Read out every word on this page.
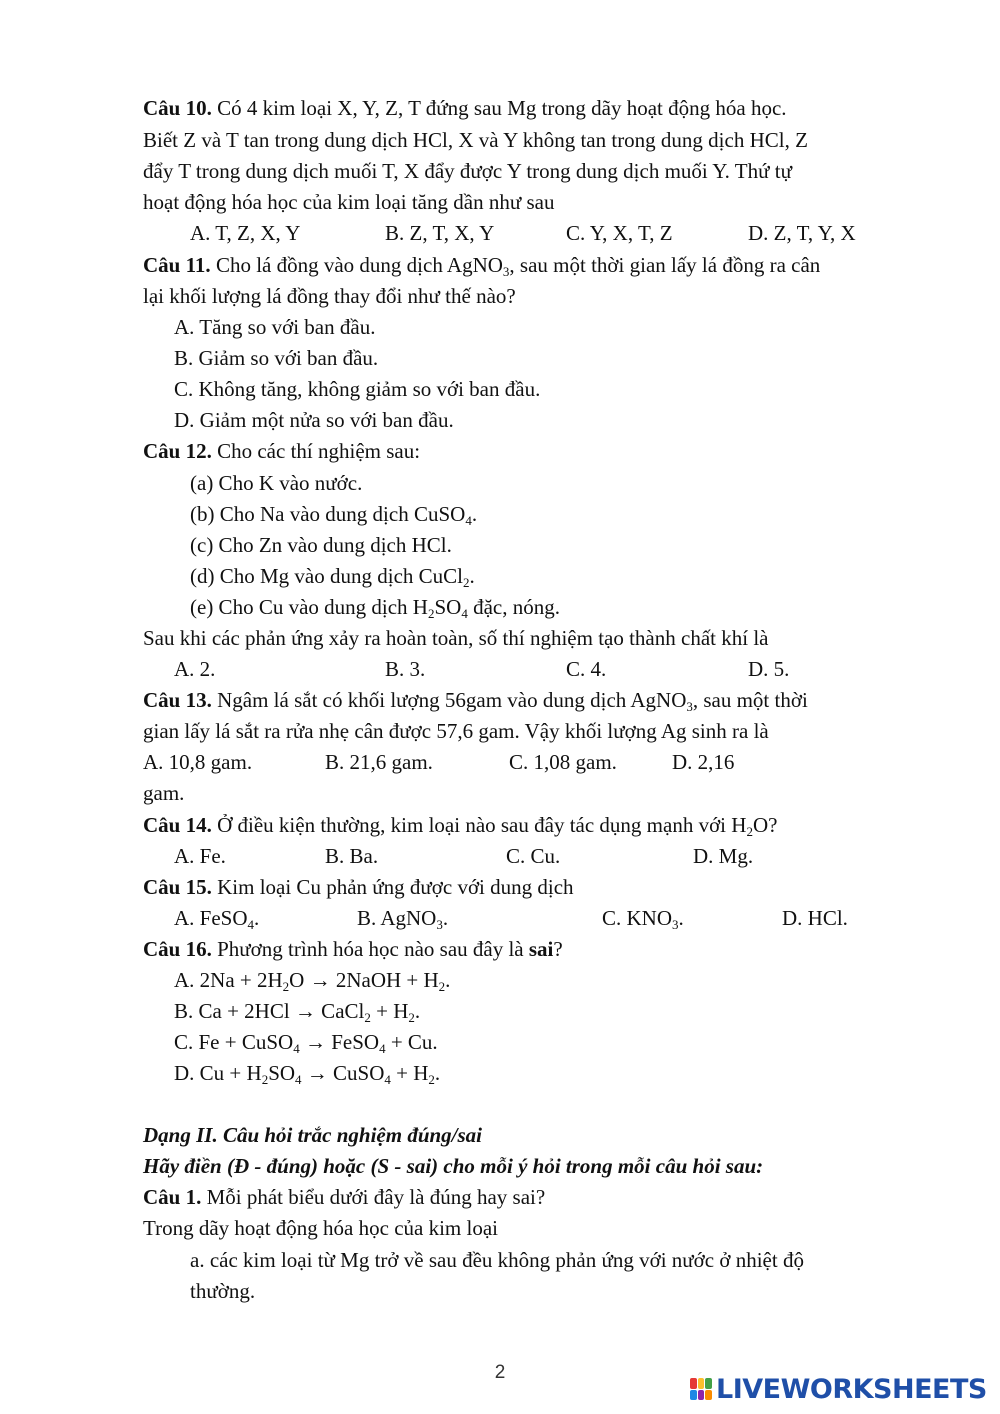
Câu 10. Có 4 kim loại X, Y, Z, T đứng sau Mg trong dãy hoạt động hóa học.
Biết Z và T tan trong dung dịch HCl, X và Y không tan trong dung dịch HCl, Z
đẩy T trong dung dịch muối T, X đẩy được Y trong dung dịch muối Y. Thứ tự
hoạt động hóa học của kim loại tăng dần như sau
A. T, Z, X, Y	B. Z, T, X, Y	C. Y, X, T, Z	D. Z, T, Y, X
Câu 11. Cho lá đồng vào dung dịch AgNO$_3$, sau một thời gian lấy lá đồng ra cân
lại khối lượng lá đồng thay đổi như thế nào?
A. Tăng so với ban đầu.
B. Giảm so với ban đầu.
C. Không tăng, không giảm so với ban đầu.
D. Giảm một nửa so với ban đầu.
Câu 12. Cho các thí nghiệm sau:
(a) Cho K vào nước.
(b) Cho Na vào dung dịch CuSO$_4$.
(c) Cho Zn vào dung dịch HCl.
(d) Cho Mg vào dung dịch CuCl$_2$.
(e) Cho Cu vào dung dịch $H_2SO_4$ đặc, nóng.
Sau khi các phản ứng xảy ra hoàn toàn, số thí nghiệm tạo thành chất khí là
A. 2.	B. 3.	C. 4.	D. 5.
Câu 13. Ngâm lá sắt có khối lượng 56gam vào dung dịch AgNO$_3$, sau một thời
gian lấy lá sắt ra rửa nhẹ cân được 57,6 gam. Vậy khối lượng Ag sinh ra là
A. 10,8 gam.	B. 21,6 gam.	C. 1,08 gam.	D. 2,16
gam.
Câu 14. Ở điều kiện thường, kim loại nào sau đây tác dụng mạnh với $H_2O$?
A. Fe.	B. Ba.	C. Cu.	D. Mg.
Câu 15. Kim loại Cu phản ứng được với dung dịch
A. FeSO$_4$.	B. AgNO$_3$.	C. $KNO_3$.	D. HCl.
Câu 16. Phương trình hóa học nào sau đây là sai?
A. $2Na + 2H_2O$ → 2NaOH + $H_2$.
B. Ca + 2HCl → CaCl$_2$ + $H_2$.
C. Fe + CuSO$_4$ → FeSO$_4$ + Cu.
D. $Cu + H_2SO_4$ → CuSO$_4$ + $H_2$.
Dạng II. Câu hỏi trắc nghiệm đúng/sai
Hãy điền (Đ - đúng) hoặc (S - sai) cho mỗi ý hỏi trong mỗi câu hỏi sau:
Câu 1. Mỗi phát biểu dưới đây là đúng hay sai?
Trong dãy hoạt động hóa học của kim loại
a. các kim loại từ Mg trở về sau đều không phản ứng với nước ở nhiệt độ
thường.
2
LIVEWORKSHEETS
